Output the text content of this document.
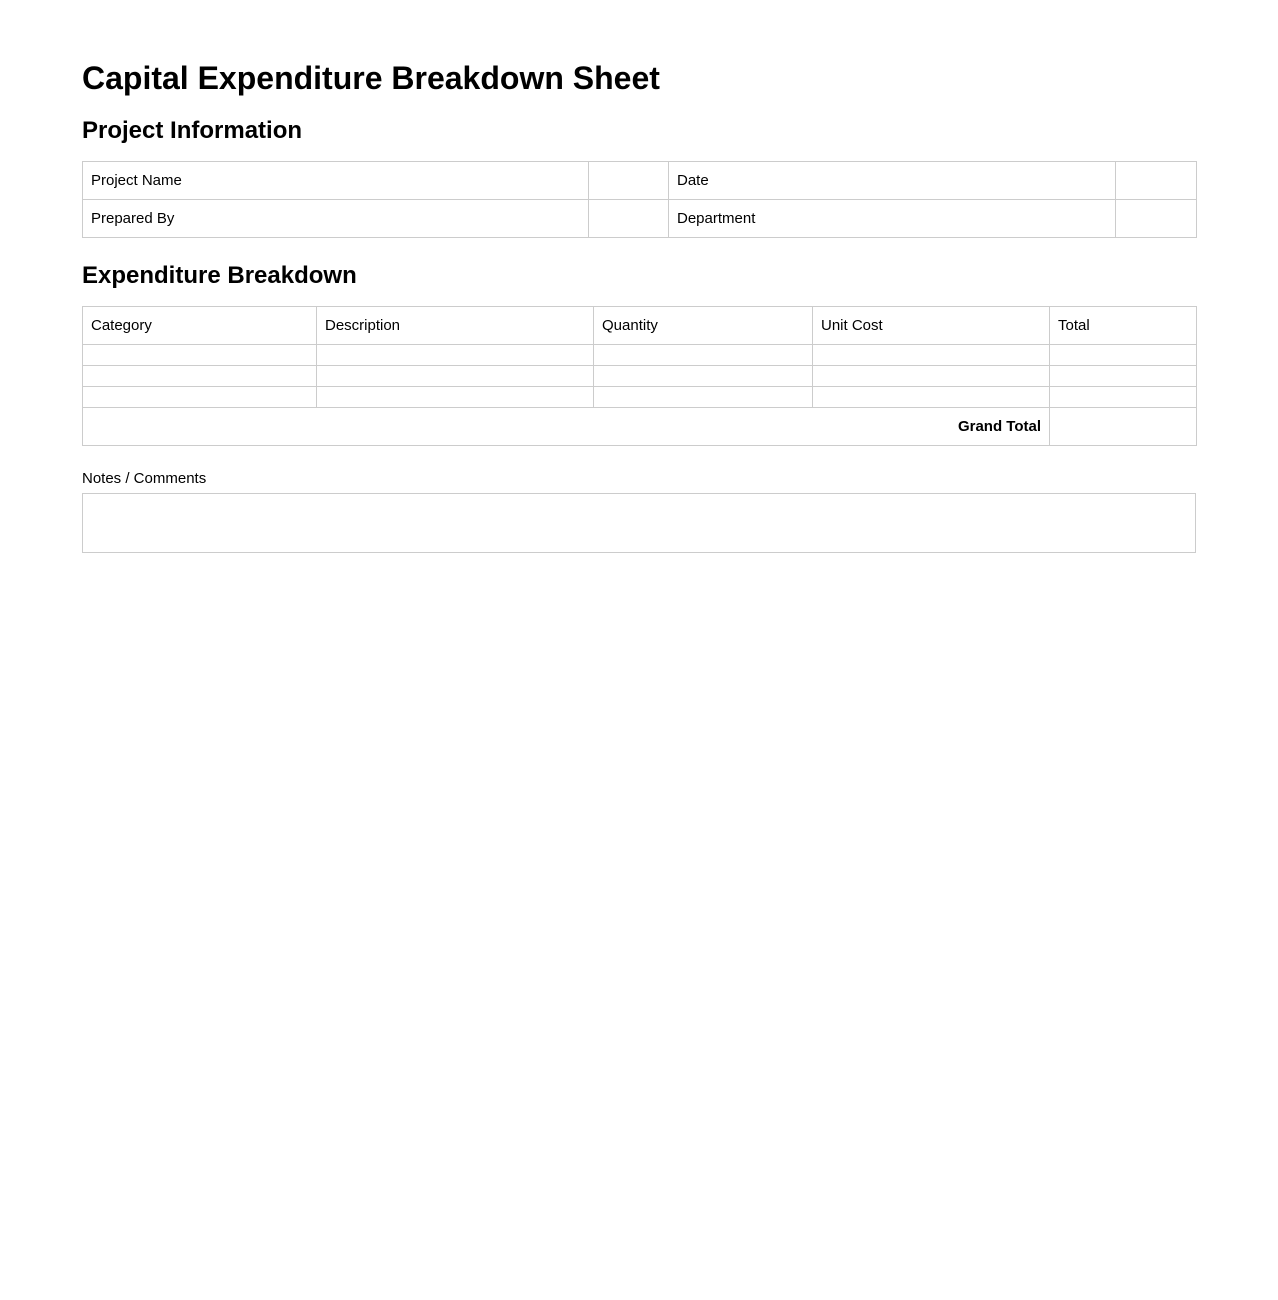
Capital Expenditure Breakdown Sheet
Project Information
Project Name		Date	
Prepared By		Department	
Expenditure Breakdown
Category	Description	Quantity	Unit Cost	Total

Grand Total				
Notes / Comments
